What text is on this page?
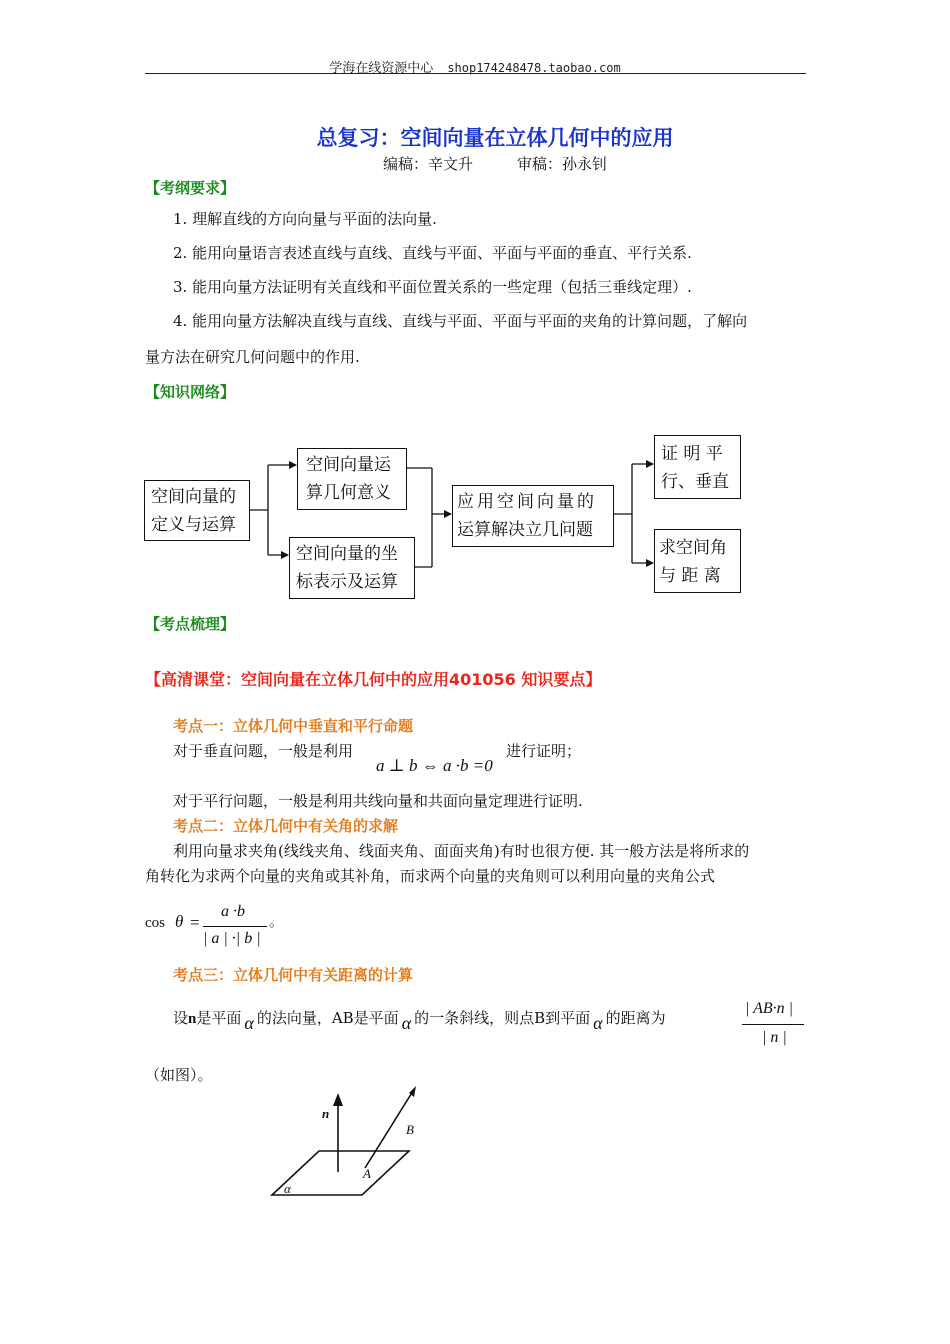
学海在线资源中心 shop174248478.taobao.com
总复习：空间向量在立体几何中的应用
编稿：辛文升	审稿：孙永钊
【考纲要求】
1. 理解直线的方向向量与平面的法向量.
2. 能用向量语言表述直线与直线、直线与平面、平面与平面的垂直、平行关系.
3. 能用向量方法证明有关直线和平面位置关系的一些定理（包括三垂线定理）.
4. 能用向量方法解决直线与直线、直线与平面、平面与平面的夹角的计算问题，了解向
量方法在研究几何问题中的作用.
【知识网络】
空间向量的
定义与运算
空间向量运
算几何意义
空间向量的坐
标表示及运算
应用空间向量的
运算解决立几问题
证 明 平
行、垂直
求空间角
与 距 离
【考点梳理】
【高清课堂：空间向量在立体几何中的应用401056 知识要点】
考点一：立体几何中垂直和平行命题
对于垂直问题，一般是利用
a ⊥ b ⇔ a ·b =0
进行证明；
对于平行问题，一般是利用共线向量和共面向量定理进行证明.
考点二：立体几何中有关角的求解
利用向量求夹角(线线夹角、线面夹角、面面夹角)有时也很方便. 其一般方法是将所求的
角转化为求两个向量的夹角或其补角，而求两个向量的夹角则可以利用向量的夹角公式
cos θ =
a ·b
| a | ·| b |
。
考点三：立体几何中有关距离的计算
设n是平面 α 的法向量，AB是平面 α 的一条斜线，则点B到平面 α 的距离为
| AB·n |
| n |
（如图）。
n
B
A
α
